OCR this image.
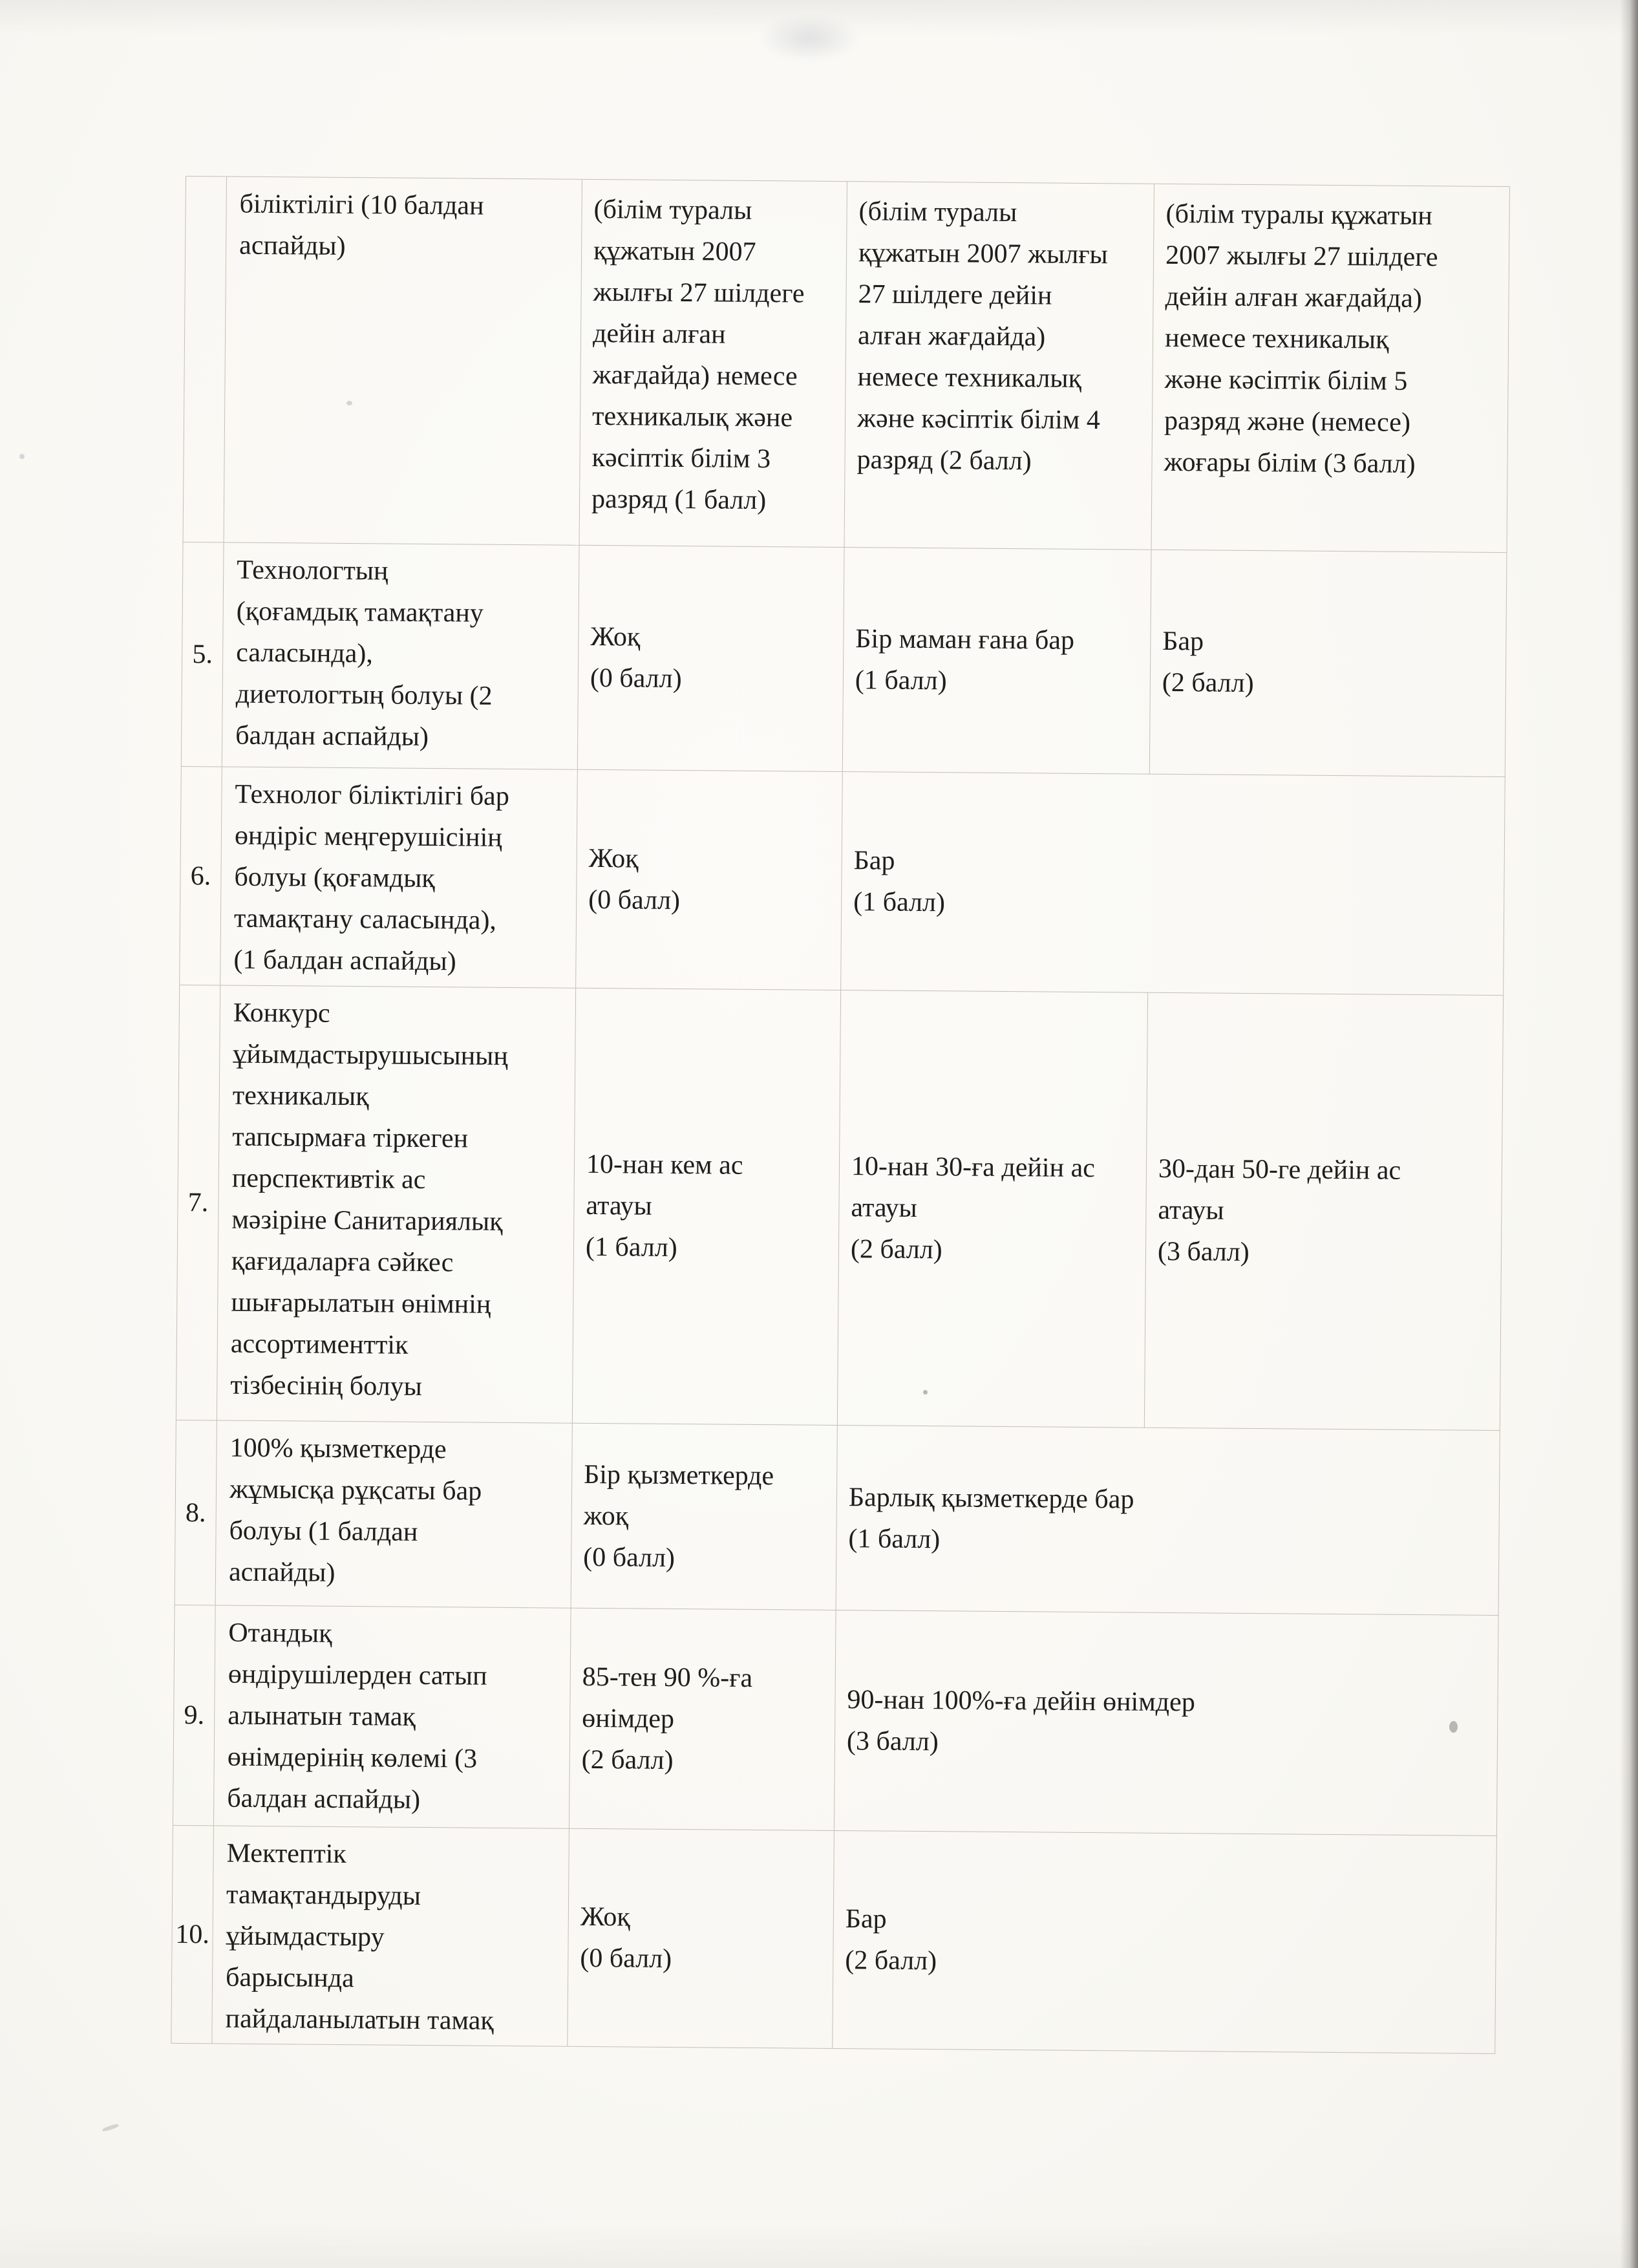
біліктілігі (10 балдан
аспайды)
(білім туралы
құжатын 2007
жылғы 27 шілдеге
дейін алған
жағдайда) немесе
техникалық және
кәсіптік білім 3
разряд (1 балл)
(білім туралы
құжатын 2007 жылғы
27 шілдеге дейін
алған жағдайда)
немесе техникалық
және кәсіптік білім 4
разряд (2 балл)
(білім туралы құжатын
2007 жылғы 27 шілдеге
дейін алған жағдайда)
немесе техникалық
және кәсіптік білім 5
разряд және (немесе)
жоғары білім (3 балл)
5.
Технологтың
(қоғамдық тамақтану
саласында),
диетологтың болуы (2
балдан аспайды)
Жоқ
(0 балл)
Бір маман ғана бар
(1 балл)
Бар
(2 балл)
6.
Технолог біліктілігі бар
өндіріс меңгерушісінің
болуы (қоғамдық
тамақтану саласында),
(1 балдан аспайды)
Жоқ
(0 балл)
Бар
(1 балл)
7.
Конкурс
ұйымдастырушысының
техникалық
тапсырмаға тіркеген
перспективтік ас
мәзіріне Санитариялық
қағидаларға сәйкес
шығарылатын өнімнің
ассортименттік
тізбесінің болуы
10-нан кем ас
атауы
(1 балл)
10-нан 30-ға дейін ас
атауы
(2 балл)
30-дан 50-ге дейін ас
атауы
(3 балл)
8.
100% қызметкерде
жұмысқа рұқсаты бар
болуы (1 балдан
аспайды)
Бір қызметкерде
жоқ
(0 балл)
Барлық қызметкерде бар
(1 балл)
9.
Отандық
өндірушілерден сатып
алынатын тамақ
өнімдерінің көлемі (3
балдан аспайды)
85-тен 90 %-ға
өнімдер
(2 балл)
90-нан 100%-ға дейін өнімдер
(3 балл)
10.
Мектептік
тамақтандыруды
ұйымдастыру
барысында
пайдаланылатын тамақ
Жоқ
(0 балл)
Бар
(2 балл)
